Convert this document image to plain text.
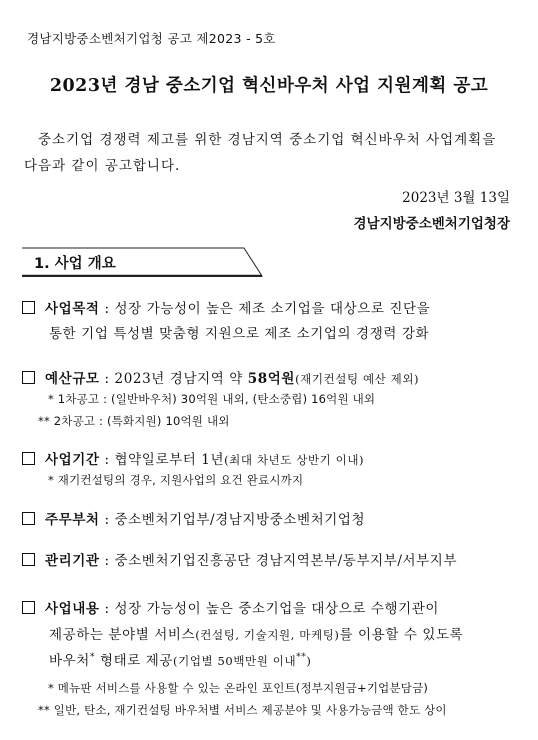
경남지방중소벤처기업청 공고 제2023 - 5호
2023년 경남 중소기업 혁신바우처 사업 지원계획 공고
중소기업 경쟁력 제고를 위한 경남지역 중소기업 혁신바우처 사업계획을
다음과 같이 공고합니다.
2023년 3월 13일
경남지방중소벤처기업청장
1. 사업 개요
사업목적 : 성장 가능성이 높은 제조 소기업을 대상으로 진단을
통한 기업 특성별 맞춤형 지원으로 제조 소기업의 경쟁력 강화
예산규모 : 2023년 경남지역 약 58억원(재기컨설팅 예산 제외)
* 1차공고 : (일반바우처) 30억원 내외, (탄소중립) 16억원 내외
** 2차공고 : (특화지원) 10억원 내외
사업기간 : 협약일로부터 1년(최대 차년도 상반기 이내)
* 재기컨설팅의 경우, 지원사업의 요건 완료시까지
주무부처 : 중소벤처기업부/경남지방중소벤처기업청
관리기관 : 중소벤처기업진흥공단 경남지역본부/동부지부/서부지부
사업내용 : 성장 가능성이 높은 중소기업을 대상으로 수행기관이
제공하는 분야별 서비스(컨설팅, 기술지원, 마케팅)를 이용할 수 있도록
바우처* 형태로 제공(기업별 50백만원 이내**)
* 메뉴판 서비스를 사용할 수 있는 온라인 포인트(정부지원금+기업분담금)
** 일반, 탄소, 재기컨설팅 바우처별 서비스 제공분야 및 사용가능금액 한도 상이
